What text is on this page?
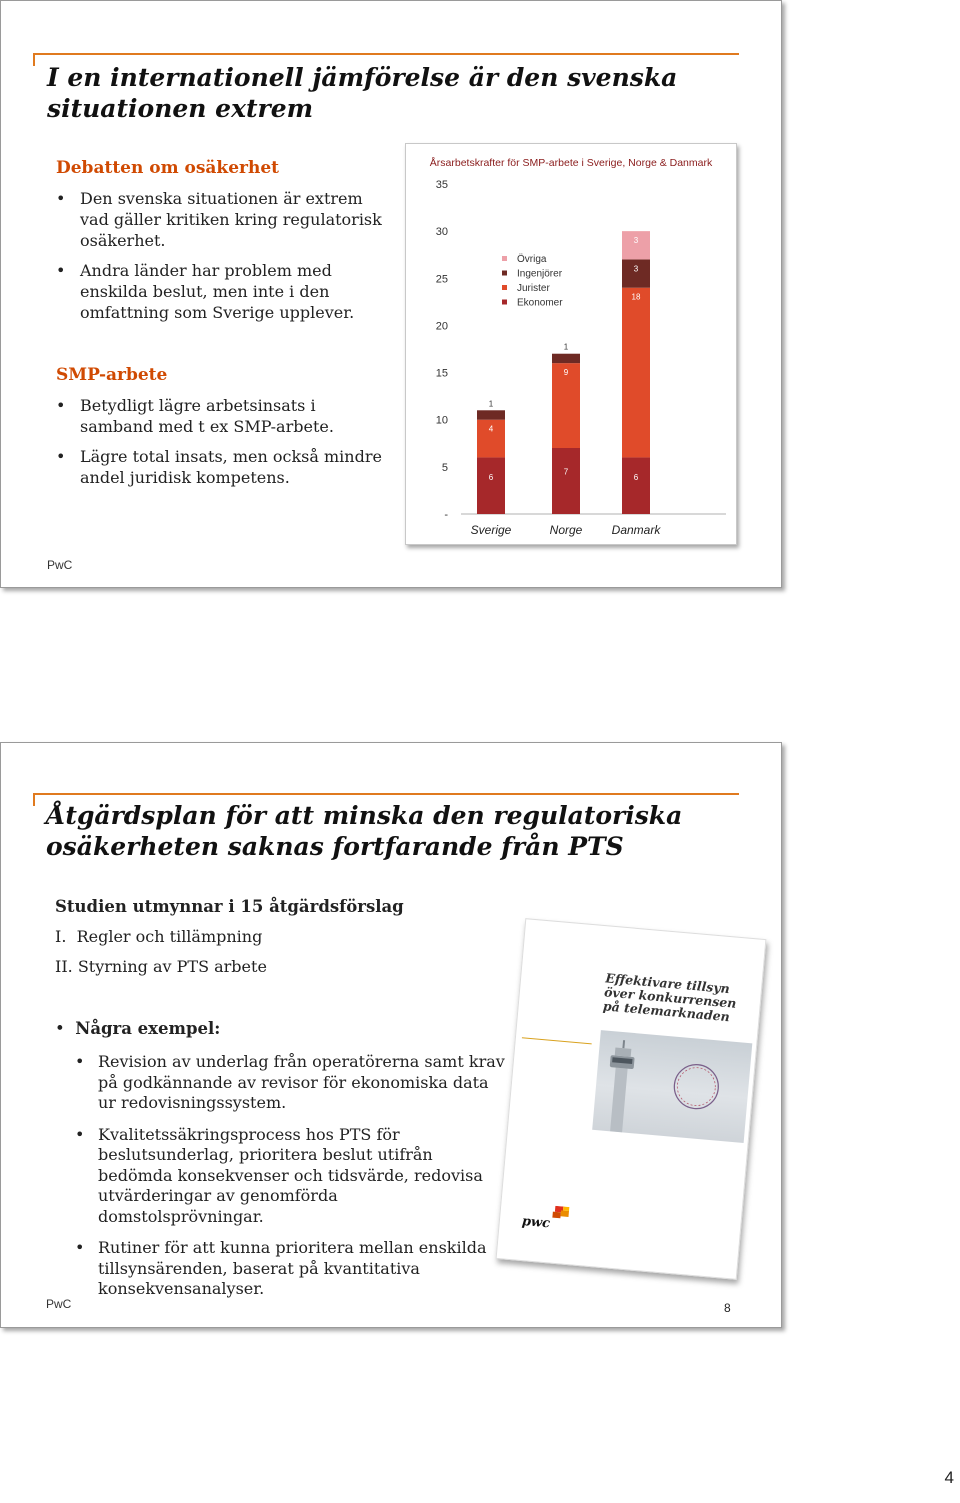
I en internationell jämförelse är den svenska
situationen extrem
Debatten om osäkerhet
• Den svenska situationen är extrem vad gäller kritiken kring regulatorisk osäkerhet.
• Andra länder har problem med enskilda beslut, men inte i den omfattning som Sverige upplever.
SMP-arbete
• Betydligt lägre arbetsinsats i samband med t ex SMP-arbete.
• Lägre total insats, men också mindre andel juridisk kompetens.
Årsarbetskrafter för SMP-arbete i Sverige, Norge & Danmark
-
5
10
15
20
25
30
35
6
4
1
Sverige
7
9
1
Norge
6
18
3
3
Danmark
Övriga
Ingenjörer
Jurister
Ekonomer
PwC
Åtgärdsplan för att minska den regulatoriska
osäkerheten saknas fortfarande från PTS

Studien utmynnar i 15 åtgärdsförslag

I. Regler och tillämpning

II. Styrning av PTS arbete

•  Några exempel:

• Revision av underlag från operatörerna samt krav på godkännande av revisor för ekonomiska data ur redovisningssystem.
• Kvalitetssäkringsprocess hos PTS för beslutsunderlag, prioritera beslut utifrån bedömda konsekvenser och tidsvärde, redovisa utvärderingar av genomförda domstolsprövningar.
• Rutiner för att kunna prioritera mellan enskilda tillsynsärenden, baserat på kvantitativa konsekvensanalyser.
Effektivare tillsyn över konkurrensen på telemarknaden
pwc
PwC	8
4
